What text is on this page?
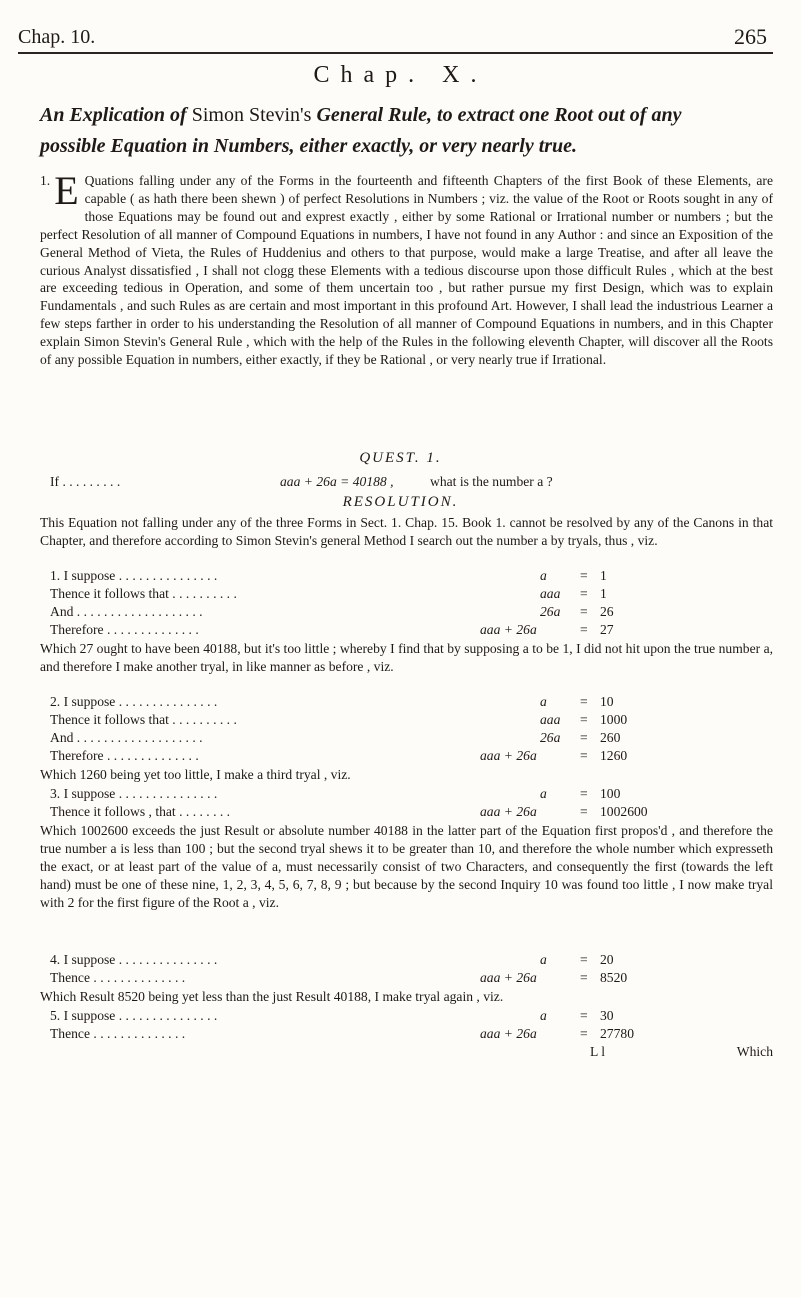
Chap. 10.	265
Chap. X.
An Explication of Simon Stevin's General Rule, to extract one Root out of any possible Equation in Numbers, either exactly, or very nearly true.
1. E Quations falling under any of the Forms in the fourteenth and fifteenth Chapters of the first Book of these Elements, are capable ( as hath there been shewn ) of perfect Resolutions in Numbers ; viz. the value of the Root or Roots sought in any of those Equations may be found out and exprest exactly , either by some Rational or Irrational number or numbers ; but the perfect Resolution of all manner of Compound Equations in numbers, I have not found in any Author : and since an Exposition of the General Method of Vieta, the Rules of Huddenius and others to that purpose, would make a large Treatise, and after all leave the curious Analyst dissatisfied , I shall not clogg these Elements with a tedious discourse upon those difficult Rules , which at the best are exceeding tedious in Operation, and some of them uncertain too , but rather pursue my first Design, which was to explain Fundamentals , and such Rules as are certain and most important in this profound Art. However, I shall lead the industrious Learner a few steps farther in order to his understanding the Resolution of all manner of Compound Equations in numbers, and in this Chapter explain Simon Stevin's General Rule , which with the help of the Rules in the following eleventh Chapter, will discover all the Roots of any possible Equation in numbers, either exactly, if they be Rational , or very nearly true if Irrational.
QUEST. 1.
If . . . . . . . . .	aaa + 26a = 40188 ,	what is the number a ?
RESOLUTION.
This Equation not falling under any of the three Forms in Sect. 1. Chap. 15. Book 1. cannot be resolved by any of the Canons in that Chapter, and therefore according to Simon Stevin's general Method I search out the number a by tryals, thus , viz.
1. I suppose . . . . . . . . . . . . . . .	a = 1
Thence it follows that . . . . . . . . . .	aaa = 1
And . . . . . . . . . . . . . . . . . . .	26a = 26
Therefore . . . . . . . . . . . . . .	aaa + 26a	= 27
Which 27 ought to have been 40188, but it's too little ; whereby I find that by supposing a to be 1, I did not hit upon the true number a, and therefore I make another tryal, in like manner as before , viz.
2. I suppose . . . . . . . . . . . . . . .	a = 10
Thence it follows that . . . . . . . . . .	aaa = 1000
And . . . . . . . . . . . . . . . . . . .	26a = 260
Therefore . . . . . . . . . . . . . .	aaa + 26a	= 1260
Which 1260 being yet too little, I make a third tryal , viz.
3. I suppose . . . . . . . . . . . . . . .	a = 100
Thence it follows , that . . . . . . . .	aaa + 26a	= 1002600
Which 1002600 exceeds the just Result or absolute number 40188 in the latter part of the Equation first propos'd , and therefore the true number a is less than 100 ; but the second tryal shews it to be greater than 10, and therefore the whole number which expresseth the exact, or at least part of the value of a, must necessarily consist of two Characters, and consequently the first (towards the left hand) must be one of these nine, 1, 2, 3, 4, 5, 6, 7, 8, 9 ; but because by the second Inquiry 10 was found too little , I now make tryal with 2 for the first figure of the Root a , viz.
4. I suppose . . . . . . . . . . . . . . .	a = 20
Thence . . . . . . . . . . . . . .	aaa + 26a	= 8520
Which Result 8520 being yet less than the just Result 40188, I make tryal again , viz.
5. I suppose . . . . . . . . . . . . . . .	a = 30
Thence . . . . . . . . . . . . . .	aaa + 26a	= 27780
L l	Which
